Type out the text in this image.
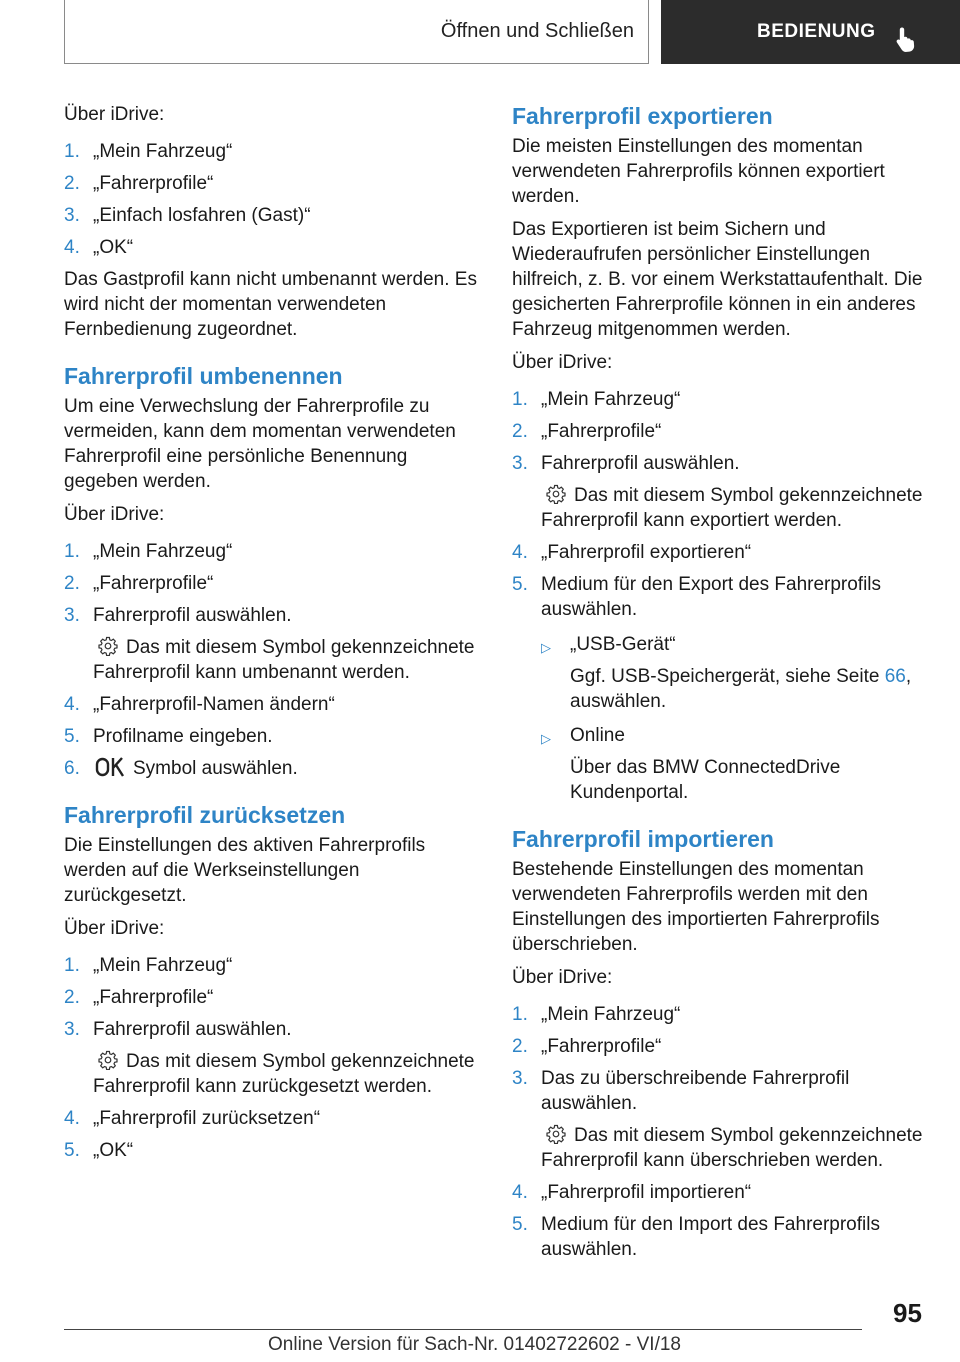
Öffnen und Schließen	BEDIENUNG

Über iDrive:

1. „Mein Fahrzeug“
2. „Fahrerprofile“
3. „Einfach losfahren (Gast)“
4. „OK“

Das Gastprofil kann nicht umbenannt werden. Es wird nicht der momentan verwendeten Fernbedienung zugeordnet.

Fahrerprofil umbenennen

Um eine Verwechslung der Fahrerprofile zu vermeiden, kann dem momentan verwendeten Fahrerprofil eine persönliche Benennung gegeben werden.

Über iDrive:

1. „Mein Fahrzeug“
2. „Fahrerprofile“
3. Fahrerprofil auswählen.
Das mit diesem Symbol gekennzeichnete Fahrerprofil kann umbenannt werden.
4. „Fahrerprofil-Namen ändern“
5. Profilname eingeben.
6.	Symbol auswählen.
Fahrerprofil zurücksetzen

Die Einstellungen des aktiven Fahrerprofils werden auf die Werkseinstellungen zurückgesetzt.

Über iDrive:

1. „Mein Fahrzeug“
2. „Fahrerprofile“
3. Fahrerprofil auswählen.
Das mit diesem Symbol gekennzeichnete Fahrerprofil kann zurückgesetzt werden.
4. „Fahrerprofil zurücksetzen“
5. „OK“
Fahrerprofil exportieren

Die meisten Einstellungen des momentan verwendeten Fahrerprofils können exportiert werden.

Das Exportieren ist beim Sichern und Wiederaufrufen persönlicher Einstellungen hilfreich, z. B. vor einem Werkstattaufenthalt. Die gesicherten Fahrerprofile können in ein anderes Fahrzeug mitgenommen werden.

Über iDrive:

1. „Mein Fahrzeug“
2. „Fahrerprofile“
3. Fahrerprofil auswählen.
Das mit diesem Symbol gekennzeichnete Fahrerprofil kann exportiert werden.
4. „Fahrerprofil exportieren“
5. Medium für den Export des Fahrerprofils auswählen.
▷ „USB-Gerät“
Ggf. USB-Speichergerät, siehe Seite 66, auswählen.
▷ Online
Über das BMW ConnectedDrive Kundenportal.
Fahrerprofil importieren

Bestehende Einstellungen des momentan verwendeten Fahrerprofils werden mit den Einstellungen des importierten Fahrerprofils überschrieben.

Über iDrive:

1. „Mein Fahrzeug“
2. „Fahrerprofile“
3. Das zu überschreibende Fahrerprofil auswählen.
Das mit diesem Symbol gekennzeichnete Fahrerprofil kann überschrieben werden.
4. „Fahrerprofil importieren“
5. Medium für den Import des Fahrerprofils auswählen.
95
Online Version für Sach-Nr. 01402722602 - VI/18
